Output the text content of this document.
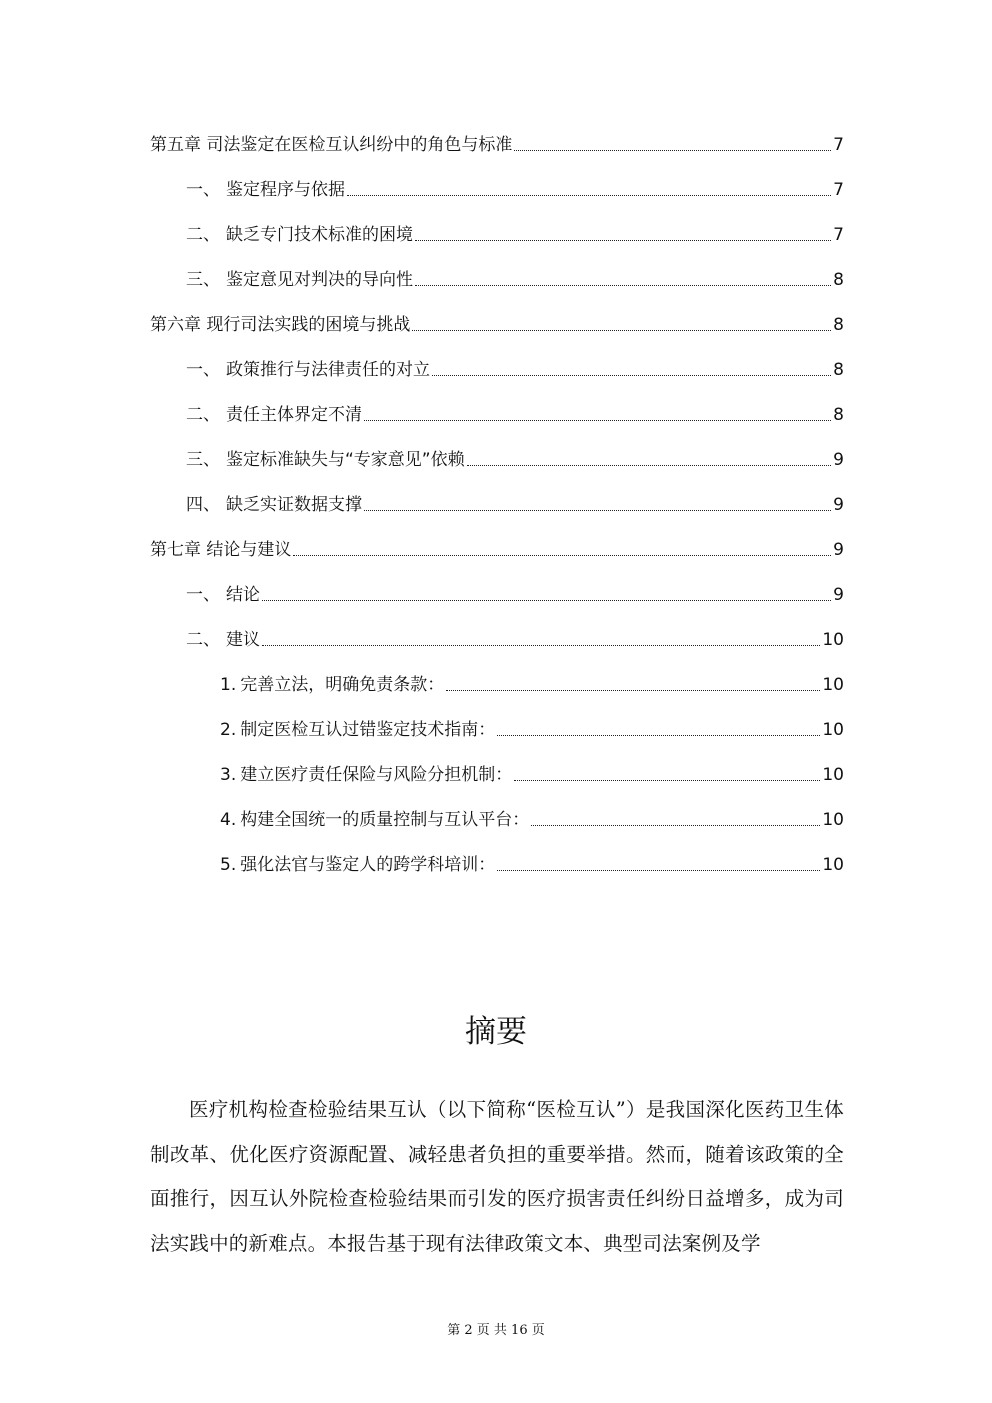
第五章 司法鉴定在医检互认纠纷中的角色与标准	7
一、 鉴定程序与依据	7
二、 缺乏专门技术标准的困境	7
三、 鉴定意见对判决的导向性	8
第六章 现行司法实践的困境与挑战	8
一、 政策推行与法律责任的对立	8
二、 责任主体界定不清	8
三、 鉴定标准缺失与“专家意见”依赖	9
四、 缺乏实证数据支撑	9
第七章 结论与建议	9
一、 结论	9
二、 建议	10
1. 完善立法，明确免责条款：	10
2. 制定医检互认过错鉴定技术指南：	10
3. 建立医疗责任保险与风险分担机制：	10
4. 构建全国统一的质量控制与互认平台：	10
5. 强化法官与鉴定人的跨学科培训：	10
摘要
医疗机构检查检验结果互认（以下简称“医检互认”）是我国深化医药卫生体制改革、优化医疗资源配置、减轻患者负担的重要举措。然而，随着该政策的全面推行，因互认外院检查检验结果而引发的医疗损害责任纠纷日益增多，成为司法实践中的新难点。本报告基于现有法律政策文本、典型司法案例及学
第 2 页 共 16 页
